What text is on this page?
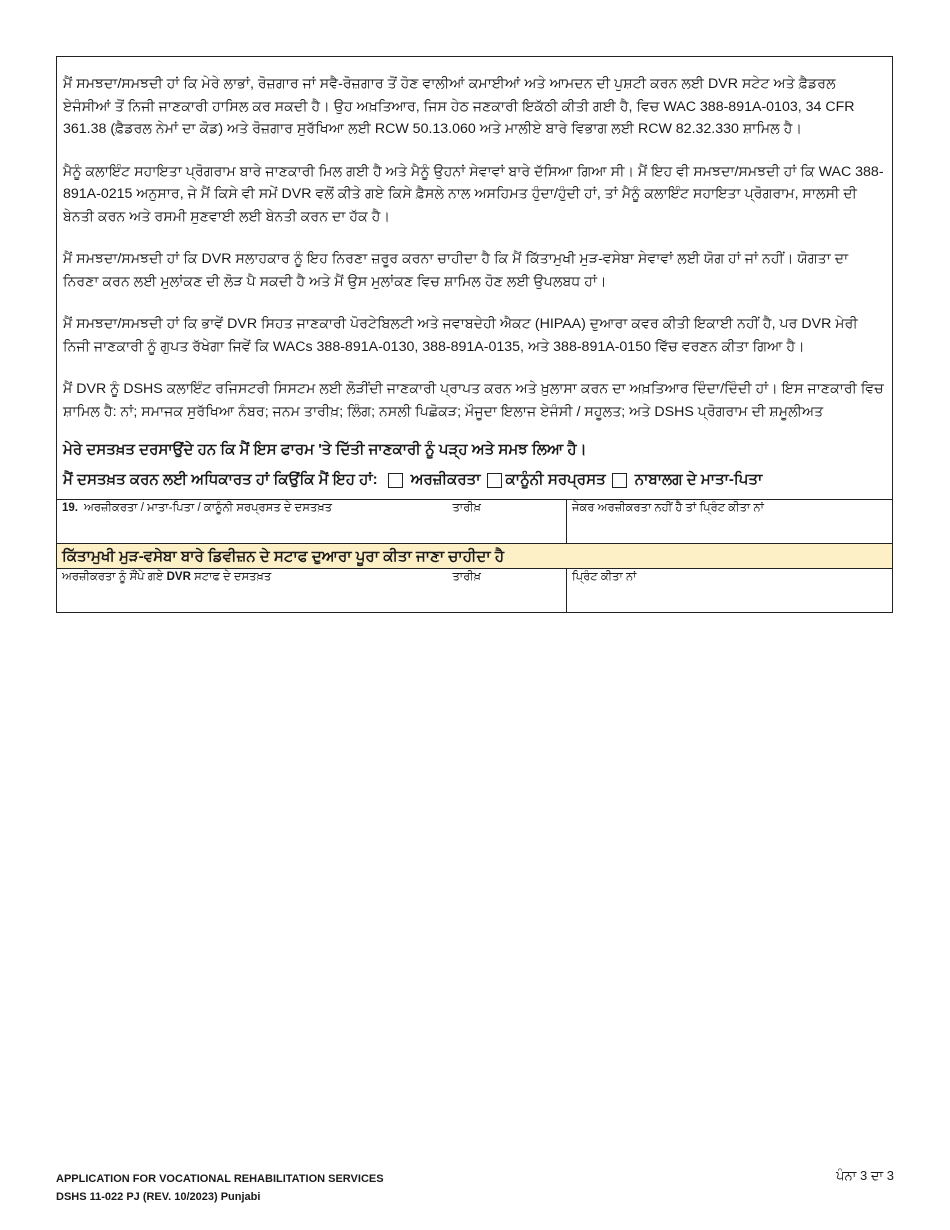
ਮੈਂ ਸਮਝਦਾ/ਸਮਝਦੀ ਹਾਂ ਕਿ ਮੇਰੇ ਲਾਭਾਂ, ਰੋਜ਼ਗਾਰ ਜਾਂ ਸਵੈ-ਰੋਜ਼ਗਾਰ ਤੋਂ ਹੋਣ ਵਾਲੀਆਂ ਕਮਾਈਆਂ ਅਤੇ ਆਮਦਨ ਦੀ ਪੁਸ਼ਟੀ ਕਰਨ ਲਈ DVR ਸਟੇਟ ਅਤੇ ਫ਼ੈਡਰਲ ਏਜੰਸੀਆਂ ਤੋਂ ਨਿਜੀ ਜਾਣਕਾਰੀ ਹਾਸਿਲ ਕਰ ਸਕਦੀ ਹੈ। ਉਹ ਅਖ਼ਤਿਆਰ, ਜਿਸ ਹੇਠ ਜਣਕਾਰੀ ਇਕੱਠੀ ਕੀਤੀ ਗਈ ਹੈ, ਵਿਚ WAC 388-891A-0103, 34 CFR 361.38 (ਫ਼ੈਡਰਲ ਨੇਮਾਂ ਦਾ ਕੋਡ) ਅਤੇ ਰੋਜ਼ਗਾਰ ਸੁਰੱਖਿਆ ਲਈ RCW 50.13.060 ਅਤੇ ਮਾਲੀਏ ਬਾਰੇ ਵਿਭਾਗ ਲਈ RCW 82.32.330 ਸ਼ਾਮਿਲ ਹੈ।

ਮੈਨੂੰ ਕਲਾਇੰਟ ਸਹਾਇਤਾ ਪ੍ਰੋਗਰਾਮ ਬਾਰੇ ਜਾਣਕਾਰੀ ਮਿਲ ਗਈ ਹੈ ਅਤੇ ਮੈਨੂੰ ਉਹਨਾਂ ਸੇਵਾਵਾਂ ਬਾਰੇ ਦੱਸਿਆ ਗਿਆ ਸੀ। ਮੈਂ ਇਹ ਵੀ ਸਮਝਦਾ/ਸਮਝਦੀ ਹਾਂ ਕਿ WAC 388-891A-0215 ਅਨੁਸਾਰ, ਜੇ ਮੈਂ ਕਿਸੇ ਵੀ ਸਮੇਂ DVR ਵਲੋਂ ਕੀਤੇ ਗਏ ਕਿਸੇ ਫ਼ੈਸਲੇ ਨਾਲ ਅਸਹਿਮਤ ਹੁੰਦਾ/ਹੁੰਦੀ ਹਾਂ, ਤਾਂ ਮੈਨੂੰ ਕਲਾਇੰਟ ਸਹਾਇਤਾ ਪ੍ਰੋਗਰਾਮ, ਸਾਲਸੀ ਦੀ ਬੇਨਤੀ ਕਰਨ ਅਤੇ ਰਸਮੀ ਸੁਣਵਾਈ ਲਈ ਬੇਨਤੀ ਕਰਨ ਦਾ ਹੱਕ ਹੈ।

ਮੈਂ ਸਮਝਦਾ/ਸਮਝਦੀ ਹਾਂ ਕਿ DVR ਸਲਾਹਕਾਰ ਨੂੰ ਇਹ ਨਿਰਣਾ ਜ਼ਰੂਰ ਕਰਨਾ ਚਾਹੀਦਾ ਹੈ ਕਿ ਮੈਂ ਕਿੱਤਾਮੁਖੀ ਮੁੜ-ਵਸੇਬਾ ਸੇਵਾਵਾਂ ਲਈ ਯੋਗ ਹਾਂ ਜਾਂ ਨਹੀਂ। ਯੋਗਤਾ ਦਾ ਨਿਰਣਾ ਕਰਨ ਲਈ ਮੁਲਾਂਕਣ ਦੀ ਲੋੜ ਪੈ ਸਕਦੀ ਹੈ ਅਤੇ ਮੈਂ ਉਸ ਮੁਲਾਂਕਣ ਵਿਚ ਸ਼ਾਮਿਲ ਹੋਣ ਲਈ ਉਪਲਬਧ ਹਾਂ।

ਮੈਂ ਸਮਝਦਾ/ਸਮਝਦੀ ਹਾਂ ਕਿ ਭਾਵੇਂ DVR ਸਿਹਤ ਜਾਣਕਾਰੀ ਪੋਰਟੇਬਿਲਟੀ ਅਤੇ ਜਵਾਬਦੇਹੀ ਐਕਟ (HIPAA) ਦੁਆਰਾ ਕਵਰ ਕੀਤੀ ਇਕਾਈ ਨਹੀਂ ਹੈ, ਪਰ DVR ਮੇਰੀ ਨਿਜੀ ਜਾਣਕਾਰੀ ਨੂੰ ਗੁਪਤ ਰੱਖੇਗਾ ਜਿਵੇਂ ਕਿ WACs 388-891A-0130, 388-891A-0135, ਅਤੇ 388-891A-0150 ਵਿੱਚ ਵਰਣਨ ਕੀਤਾ ਗਿਆ ਹੈ।

ਮੈਂ DVR ਨੂੰ DSHS ਕਲਾਇੰਟ ਰਜਿਸਟਰੀ ਸਿਸਟਮ ਲਈ ਲੋੜੀਂਦੀ ਜਾਣਕਾਰੀ ਪ੍ਰਾਪਤ ਕਰਨ ਅਤੇ ਖ਼ੁਲਾਸਾ ਕਰਨ ਦਾ ਅਖ਼ਤਿਆਰ ਦਿੰਦਾ/ਦਿੰਦੀ ਹਾਂ। ਇਸ ਜਾਣਕਾਰੀ ਵਿਚ ਸ਼ਾਮਿਲ ਹੈ: ਨਾਂ; ਸਮਾਜਕ ਸੁਰੱਖਿਆ ਨੰਬਰ; ਜਨਮ ਤਾਰੀਖ਼; ਲਿੰਗ; ਨਸਲੀ ਪਿਛੋਕੜ; ਮੌਜੂਦਾ ਇਲਾਜ ਏਜੰਸੀ / ਸਹੂਲਤ; ਅਤੇ DSHS ਪ੍ਰੋਗਰਾਮ ਦੀ ਸ਼ਮੂਲੀਅਤ

ਮੇਰੇ ਦਸਤਖ਼ਤ ਦਰਸਾਉਂਦੇ ਹਨ ਕਿ ਮੈਂ ਇਸ ਫਾਰਮ 'ਤੇ ਦਿੱਤੀ ਜਾਣਕਾਰੀ ਨੂੰ ਪੜ੍ਹ ਅਤੇ ਸਮਝ ਲਿਆ ਹੈ।
ਮੈਂ ਦਸਤਖ਼ਤ ਕਰਨ ਲਈ ਅਧਿਕਾਰਤ ਹਾਂ ਕਿਉਂਕਿ ਮੈਂ ਇਹ ਹਾਂ: ਅਰਜ਼ੀਕਰਤਾ ਕਾਨੂੰਨੀ ਸਰਪ੍ਰਸਤ ਨਾਬਾਲਗ ਦੇ ਮਾਤਾ-ਪਿਤਾ
19. ਅਰਜ਼ੀਕਰਤਾ / ਮਾਤਾ-ਪਿਤਾ / ਕਾਨੂੰਨੀ ਸਰਪ੍ਰਸਤ ਦੇ ਦਸਤਖ਼ਤ	ਤਾਰੀਖ਼	ਜੇਕਰ ਅਰਜ਼ੀਕਰਤਾ ਨਹੀਂ ਹੈ ਤਾਂ ਪ੍ਰਿੰਟ ਕੀਤਾ ਨਾਂ
ਕਿੱਤਾਮੁਖੀ ਮੁੜ-ਵਸੇਬਾ ਬਾਰੇ ਡਿਵੀਜ਼ਨ ਦੇ ਸਟਾਫ ਦੁਆਰਾ ਪੂਰਾ ਕੀਤਾ ਜਾਣਾ ਚਾਹੀਦਾ ਹੈ
ਅਰਜ਼ੀਕਰਤਾ ਨੂੰ ਸੌਂਪੇ ਗਏ DVR ਸਟਾਫ ਦੇ ਦਸਤਖ਼ਤ	ਤਾਰੀਖ਼	ਪ੍ਰਿੰਟ ਕੀਤਾ ਨਾਂ
APPLICATION FOR VOCATIONAL REHABILITATION SERVICES
DSHS 11-022 PJ (REV. 10/2023) Punjabi
ਪੰਨਾ 3 ਦਾ 3
